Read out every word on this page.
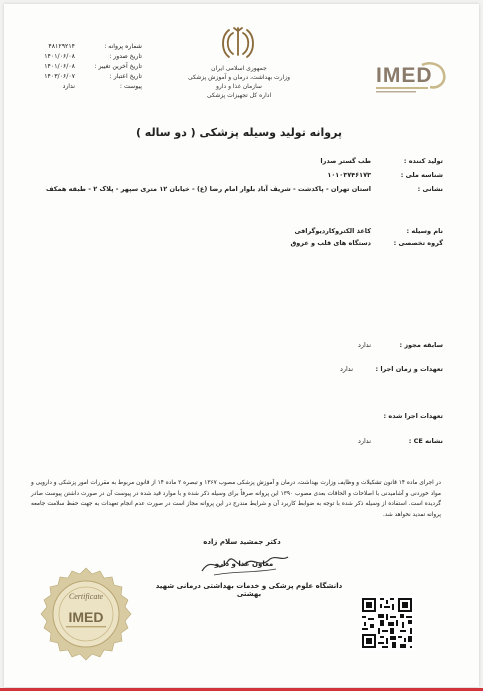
شماره پروانه :
۴۸۱۲۹۲۱۴
تاریخ صدور :
۱۴۰۱/۰۶/۰۸
تاریخ آخرین تغییر :
۱۴۰۱/۰۶/۰۸
تاریخ اعتبار :
۱۴۰۳/۰۶/۰۷
پیوست :
ندارد
جمهوری اسلامی ایران
وزارت بهداشت، درمان و آموزش پزشکی
سازمان غذا و دارو
اداره کل تجهیزات پزشکی
IMED
پروانه تولید وسیله پزشکی ( دو ساله )
تولید کننده :
طب گستر صدرا
شناسه ملی :
۱۰۱۰۳۷۴۶۱۷۳
نشانی :
استان تهران - پاکدشت - شریف آباد بلوار امام رضا (ع) - خیابان ۱۲ متری سپهر - پلاک ۲ - طبقه همکف
نام وسیله :
کاغذ الکتروکاردیوگرافی
گروه تخصصی :
دستگاه های قلب و عروق
سابقه مجوز :
ندارد
تعهدات و زمان اجرا :
ندارد
تعهدات اجرا شده :
نشانه CE :
ندارد
در اجرای ماده ۱۴ قانون تشکیلات و وظایف وزارت بهداشت، درمان و آموزش پزشکی مصوب ۱۳۶۷ و تبصره ۲ ماده ۱۴ از قانون مربوط به مقررات امور پزشکی و دارویی و مواد خوردنی و آشامیدنی با اصلاحات و الحاقات بعدی مصوب ۱۳۹۰ این پروانه صرفاً برای وسیله ذکر شده و با موارد قید شده در پیوست آن در صورت داشتن پیوست صادر گردیده است. استفاده از وسیله ذکر شده با توجه به ضوابط کاربرد آن و شرایط مندرج در این پروانه مجاز است در صورت عدم انجام تعهدات به جهت حفظ سلامت جامعه پروانه تمدید نخواهد شد.
دکتر جمشید سلام زاده
معاون غذا و دارو
دانشگاه علوم پزشکی و خدمات بهداشتی درمانی شهید بهشتی
Certificate
IMED
